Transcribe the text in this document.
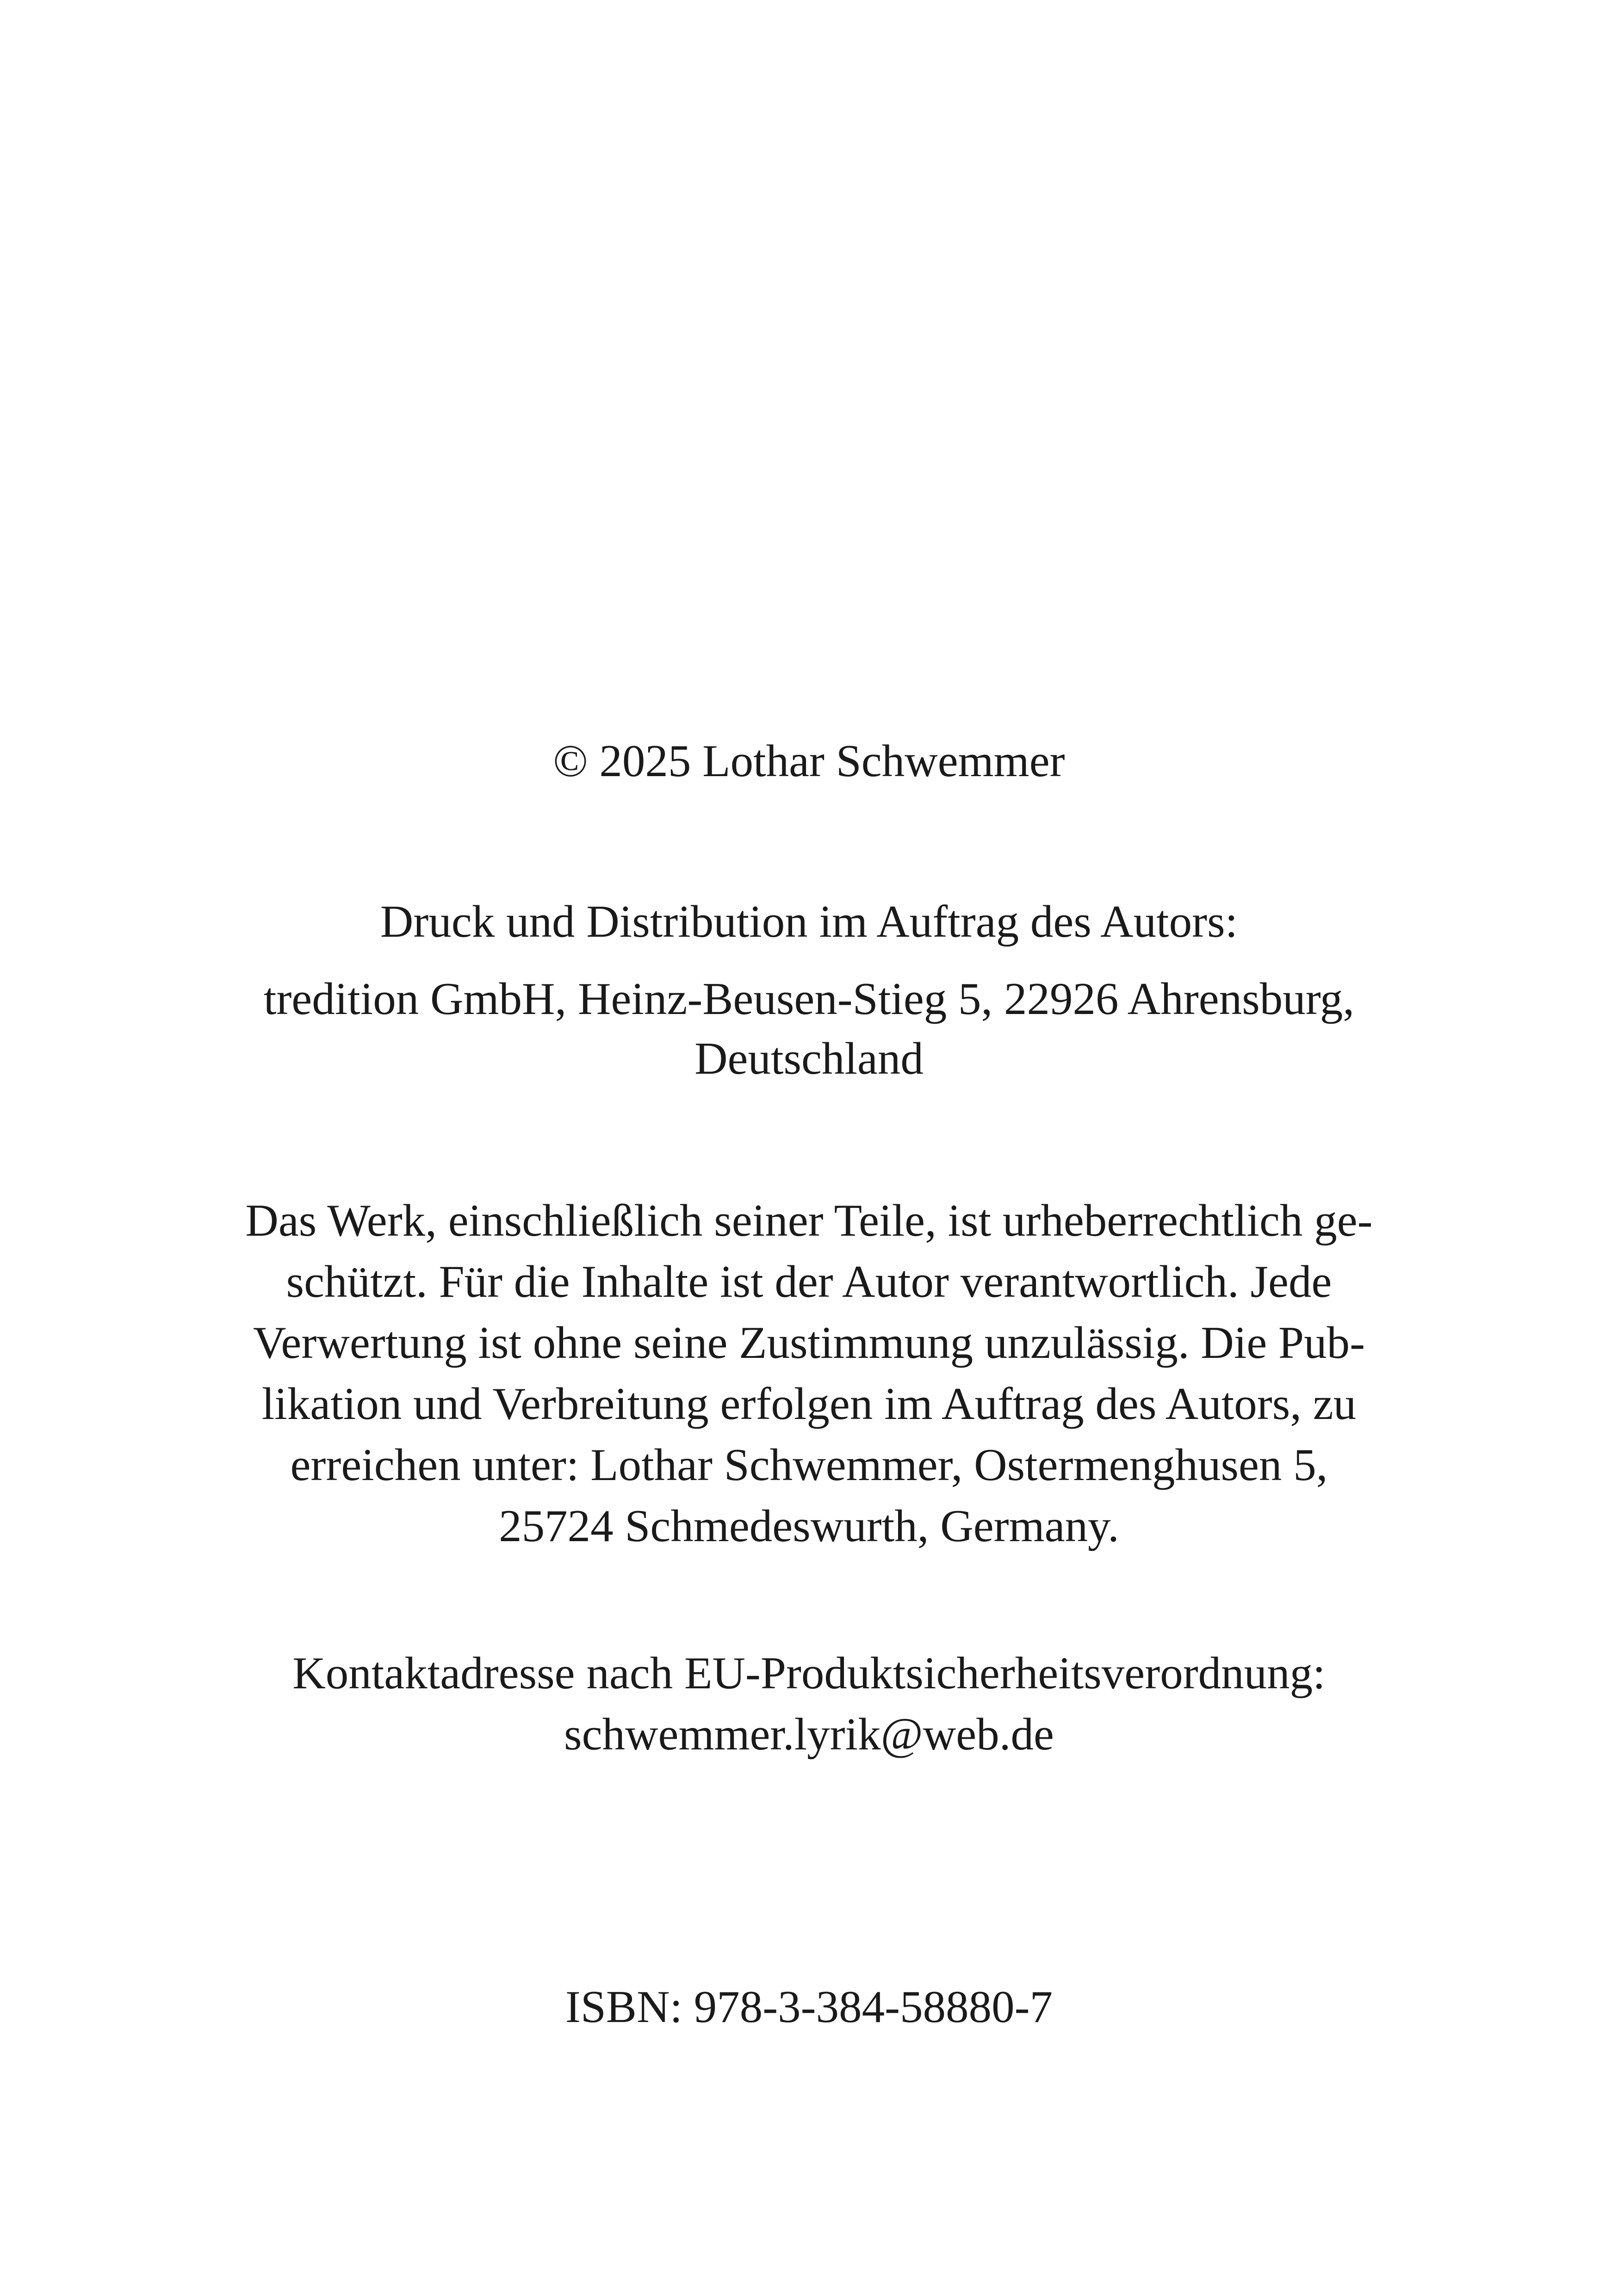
© 2025 Lothar Schwemmer

Druck und Distribution im Auftrag des Autors:

tredition GmbH, Heinz-Beusen-Stieg 5, 22926 Ahrensburg,

Deutschland

Das Werk, einschließlich seiner Teile, ist urheberrechtlich ge-

schützt. Für die Inhalte ist der Autor verantwortlich. Jede

Verwertung ist ohne seine Zustimmung unzulässig. Die Pub-

likation und Verbreitung erfolgen im Auftrag des Autors, zu

erreichen unter: Lothar Schwemmer, Ostermenghusen 5,

25724 Schmedeswurth, Germany.

Kontaktadresse nach EU-Produktsicherheitsverordnung:

schwemmer.lyrik@web.de

ISBN: 978-3-384-58880-7
